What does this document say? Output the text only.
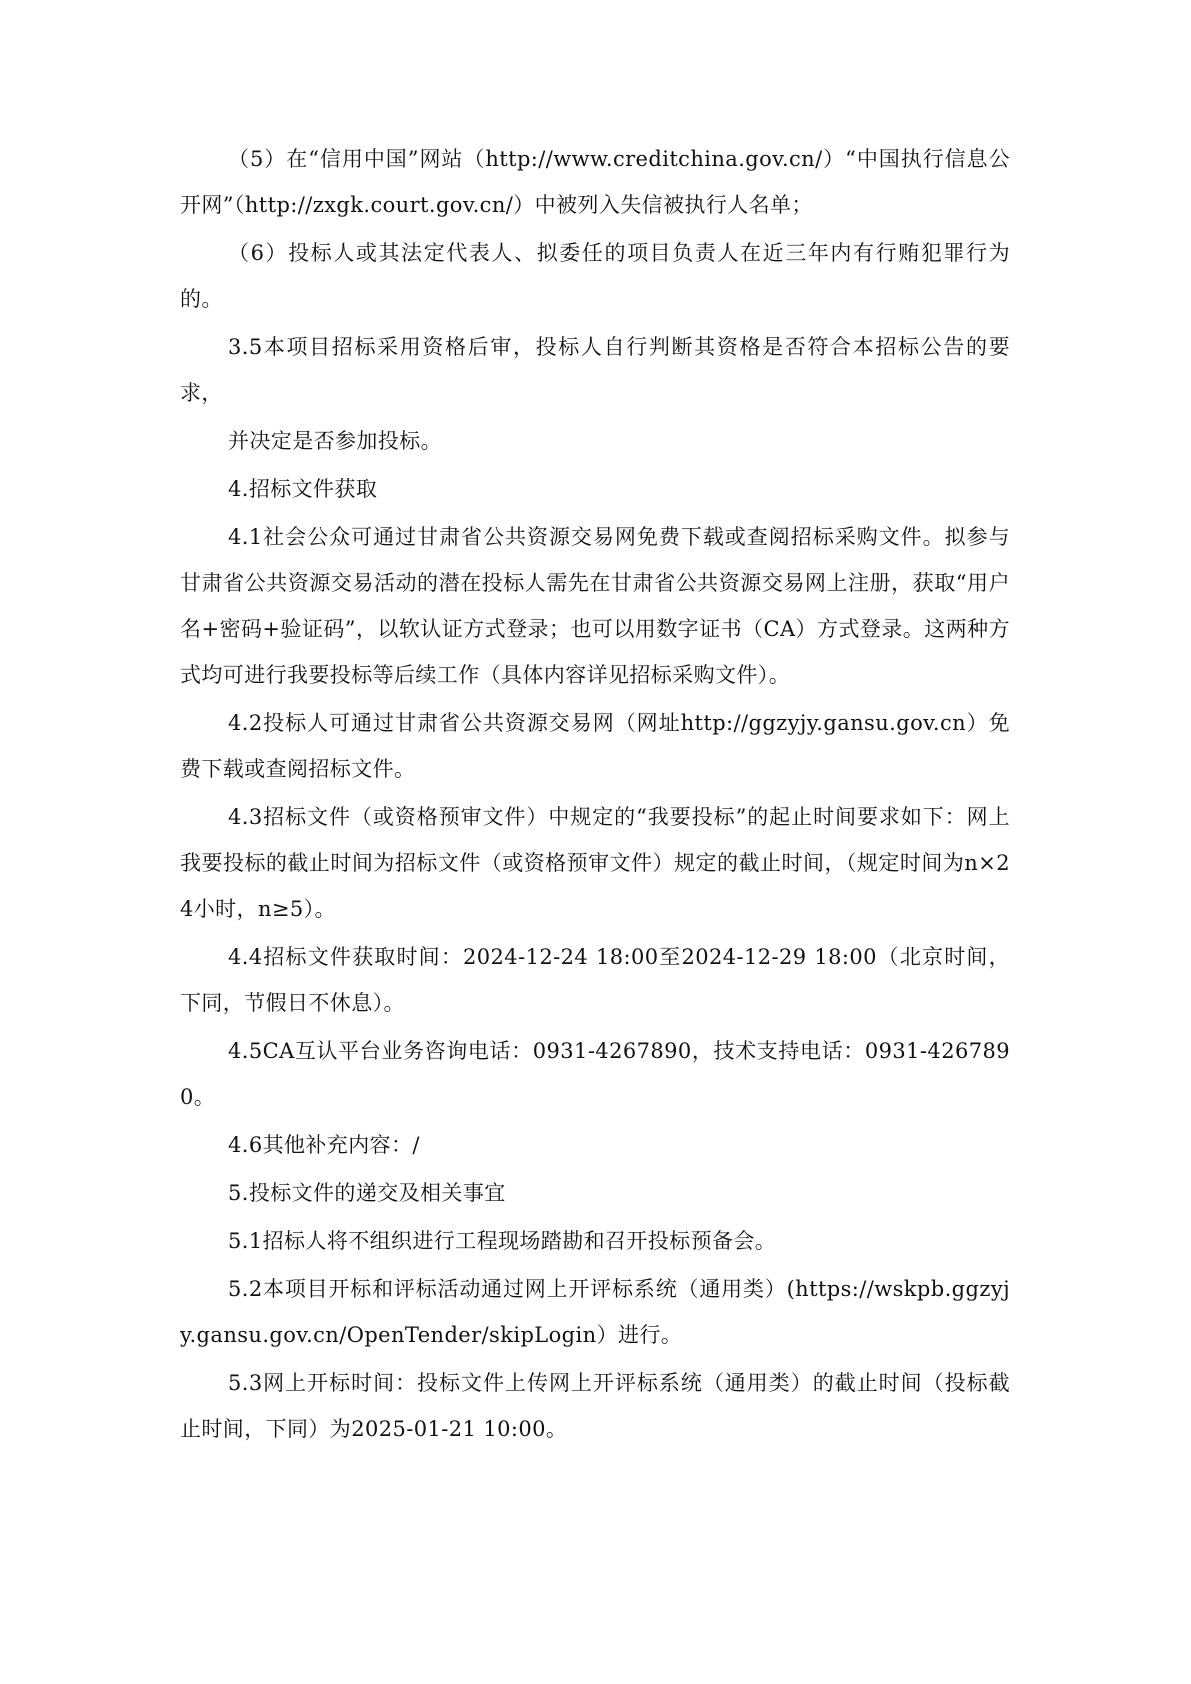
（5）在“信用中国”网站（http://www.creditchina.gov.cn/）“中国执行信息公开网”（http://zxgk.court.gov.cn/）中被列入失信被执行人名单；

（6）投标人或其法定代表人、拟委任的项目负责人在近三年内有行贿犯罪行为的。

3.5本项目招标采用资格后审，投标人自行判断其资格是否符合本招标公告的要求，

并决定是否参加投标。

4.招标文件获取

4.1社会公众可通过甘肃省公共资源交易网免费下载或查阅招标采购文件。拟参与甘肃省公共资源交易活动的潜在投标人需先在甘肃省公共资源交易网上注册，获取“用户名+密码+验证码”，以软认证方式登录；也可以用数字证书（CA）方式登录。这两种方式均可进行我要投标等后续工作（具体内容详见招标采购文件）。

4.2投标人可通过甘肃省公共资源交易网（网址http://ggzyjy.gansu.gov.cn）免费下载或查阅招标文件。

4.3招标文件（或资格预审文件）中规定的“我要投标”的起止时间要求如下：网上我要投标的截止时间为招标文件（或资格预审文件）规定的截止时间，（规定时间为n×24小时，n≥5）。

4.4招标文件获取时间：2024-12-24 18:00至2024-12-29 18:00（北京时间，下同，节假日不休息）。

4.5CA互认平台业务咨询电话：0931-4267890，技术支持电话：0931-4267890。

4.6其他补充内容：/

5.投标文件的递交及相关事宜

5.1招标人将不组织进行工程现场踏勘和召开投标预备会。

5.2本项目开标和评标活动通过网上开评标系统（通用类）(https://wskpb.ggzyjy.gansu.gov.cn/OpenTender/skipLogin）进行。

5.3网上开标时间：投标文件上传网上开评标系统（通用类）的截止时间（投标截止时间，下同）为2025-01-21 10:00。
